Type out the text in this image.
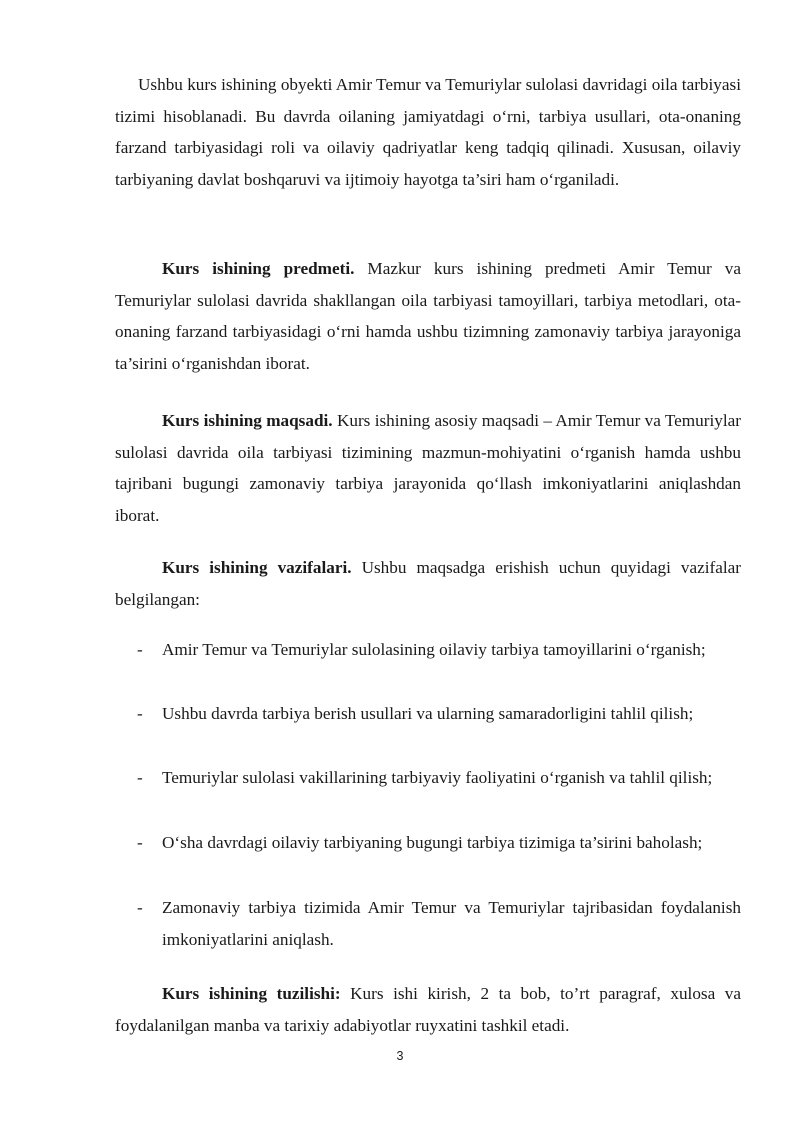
Ushbu kurs ishining obyekti Amir Temur va Temuriylar sulolasi davridagi oila tarbiyasi tizimi hisoblanadi. Bu davrda oilaning jamiyatdagi o‘rni, tarbiya usullari, ota-onaning farzand tarbiyasidagi roli va oilaviy qadriyatlar keng tadqiq qilinadi. Xususan, oilaviy tarbiyaning davlat boshqaruvi va ijtimoiy hayotga ta’siri ham o‘rganiladi.

Kurs ishining predmeti. Mazkur kurs ishining predmeti Amir Temur va Temuriylar sulolasi davrida shakllangan oila tarbiyasi tamoyillari, tarbiya metodlari, ota-onaning farzand tarbiyasidagi o‘rni hamda ushbu tizimning zamonaviy tarbiya jarayoniga ta’sirini o‘rganishdan iborat.

Kurs ishining maqsadi. Kurs ishining asosiy maqsadi – Amir Temur va Temuriylar sulolasi davrida oila tarbiyasi tizimining mazmun-mohiyatini o‘rganish hamda ushbu tajribani bugungi zamonaviy tarbiya jarayonida qo‘llash imkoniyatlarini aniqlashdan iborat.

Kurs ishining vazifalari. Ushbu maqsadga erishish uchun quyidagi vazifalar belgilangan:

- Amir Temur va Temuriylar sulolasining oilaviy tarbiya tamoyillarini o‘rganish;
- Ushbu davrda tarbiya berish usullari va ularning samaradorligini tahlil qilish;
- Temuriylar sulolasi vakillarining tarbiyaviy faoliyatini o‘rganish va tahlil qilish;
- O‘sha davrdagi oilaviy tarbiyaning bugungi tarbiya tizimiga ta’sirini baholash;
- Zamonaviy tarbiya tizimida Amir Temur va Temuriylar tajribasidan foydalanish imkoniyatlarini aniqlash.

Kurs ishining tuzilishi: Kurs ishi kirish, 2 ta bob, to’rt paragraf, xulosa va foydalanilgan manba va tarixiy adabiyotlar ruyxatini tashkil etadi.

3
